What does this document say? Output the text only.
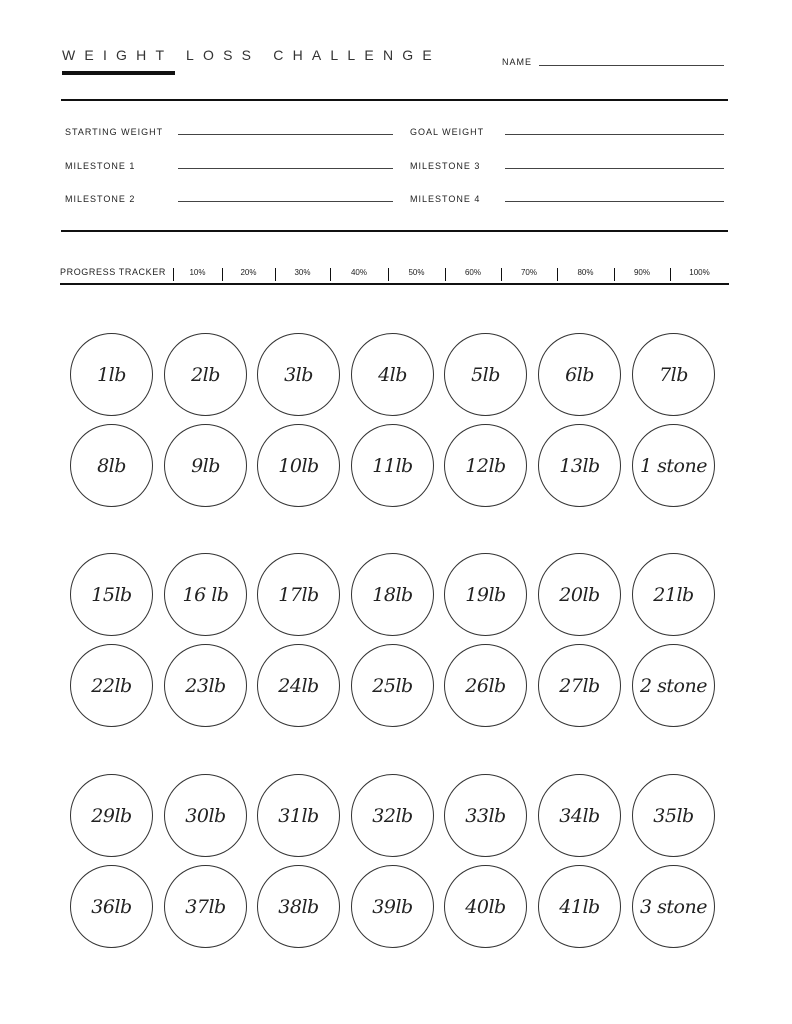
WEIGHT LOSS CHALLENGE	NAME
STARTING WEIGHT	GOAL WEIGHT
MILESTONE 1	MILESTONE 3
MILESTONE 2	MILESTONE 4
PROGRESS TRACKER	10%	20%	30%	40%	50%	60%	70%	80%	90%	100%
1lb	2lb	3lb	4lb	5lb	6lb	7lb
8lb	9lb	10lb	11lb	12lb	13lb 1 stone
15lb	16 lb	17lb	18lb	19lb	20lb	21lb
22lb	23lb	24lb	25lb	26lb	27lb 2 stone
29lb	30lb	31lb	32lb	33lb	34lb	35lb
36lb	37lb	38lb	39lb	40lb	41lb 3 stone
